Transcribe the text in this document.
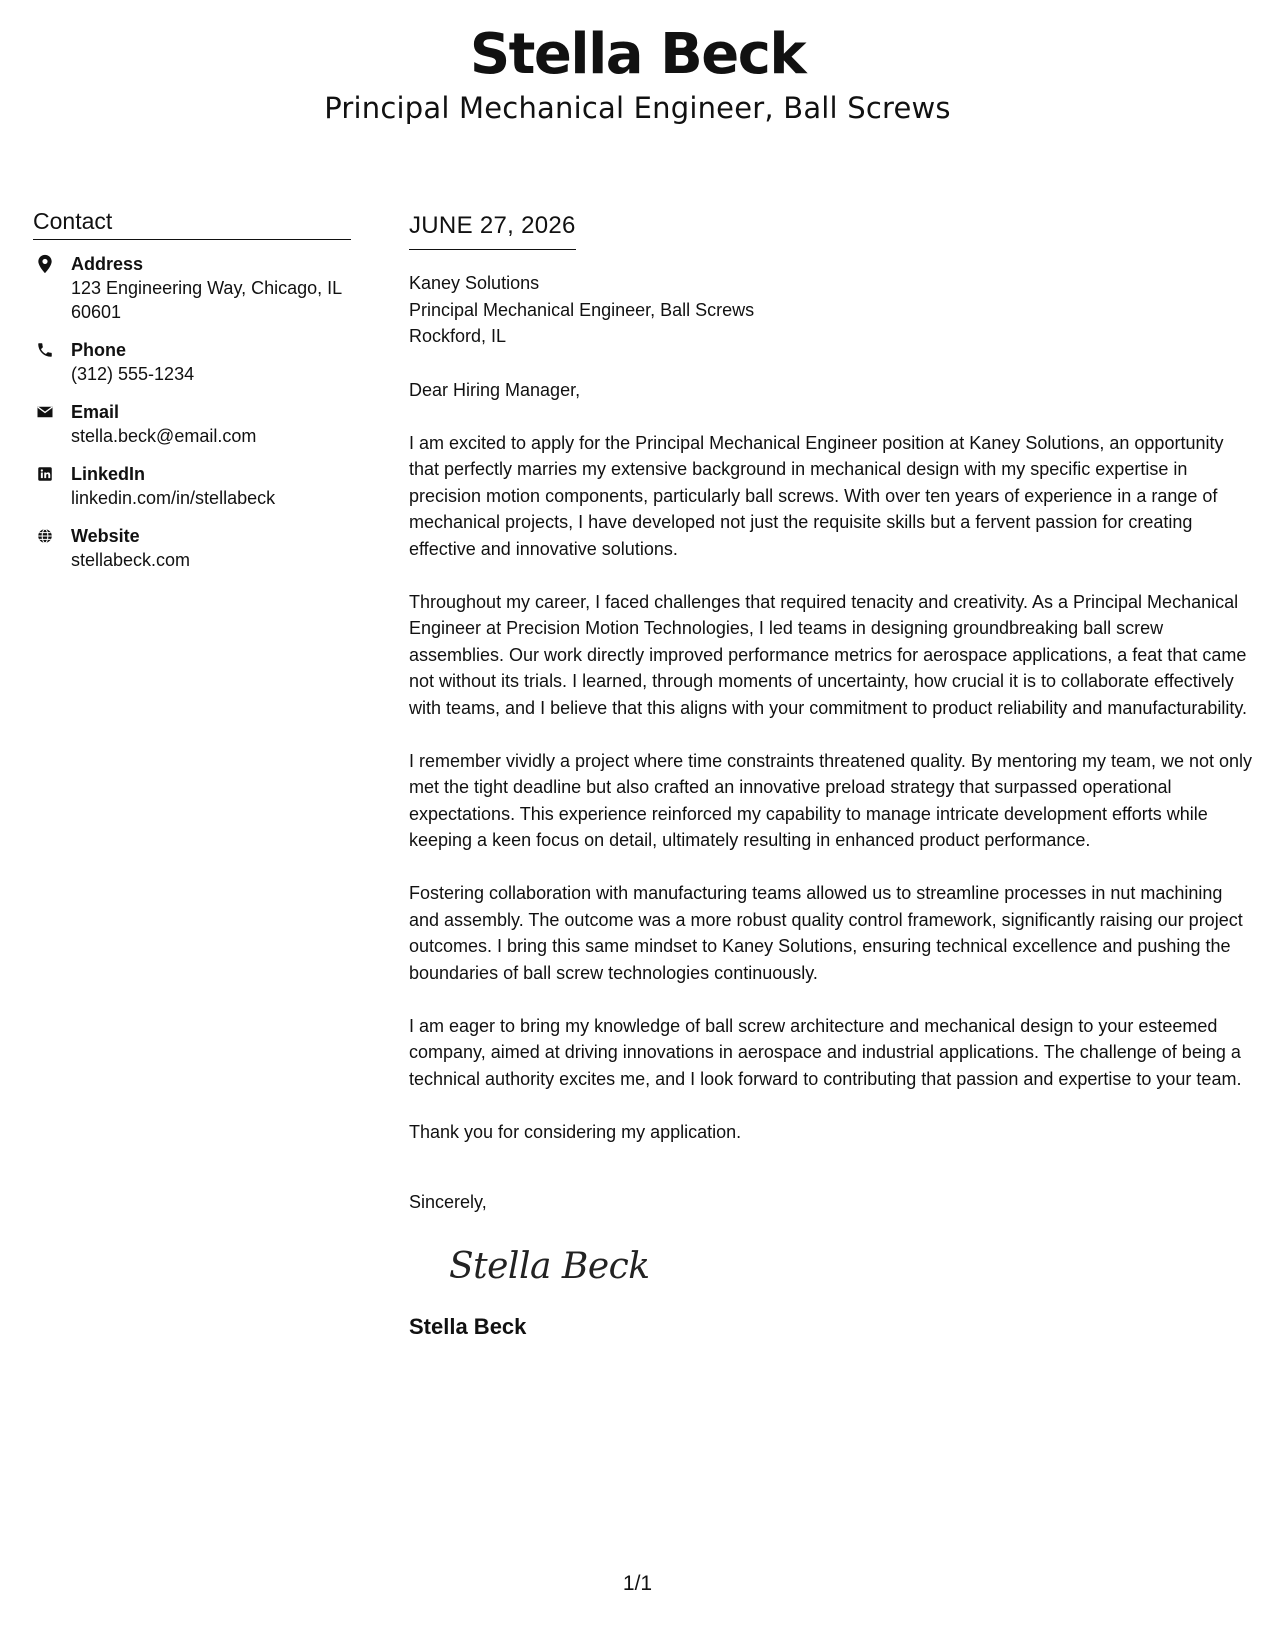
Stella Beck
Principal Mechanical Engineer, Ball Screws
Contact
Address
123 Engineering Way, Chicago, IL 60601
Phone
(312) 555-1234
Email
stella.beck@email.com
LinkedIn
linkedin.com/in/stellabeck
Website
stellabeck.com
JUNE 27, 2026
Kaney Solutions
Principal Mechanical Engineer, Ball Screws
Rockford, IL

Dear Hiring Manager,

I am excited to apply for the Principal Mechanical Engineer position at Kaney Solutions, an opportunity that perfectly marries my extensive background in mechanical design with my specific expertise in precision motion components, particularly ball screws. With over ten years of experience in a range of mechanical projects, I have developed not just the requisite skills but a fervent passion for creating effective and innovative solutions.

Throughout my career, I faced challenges that required tenacity and creativity. As a Principal Mechanical Engineer at Precision Motion Technologies, I led teams in designing groundbreaking ball screw assemblies. Our work directly improved performance metrics for aerospace applications, a feat that came not without its trials. I learned, through moments of uncertainty, how crucial it is to collaborate effectively with teams, and I believe that this aligns with your commitment to product reliability and manufacturability.

I remember vividly a project where time constraints threatened quality. By mentoring my team, we not only met the tight deadline but also crafted an innovative preload strategy that surpassed operational expectations. This experience reinforced my capability to manage intricate development efforts while keeping a keen focus on detail, ultimately resulting in enhanced product performance.

Fostering collaboration with manufacturing teams allowed us to streamline processes in nut machining and assembly. The outcome was a more robust quality control framework, significantly raising our project outcomes. I bring this same mindset to Kaney Solutions, ensuring technical excellence and pushing the boundaries of ball screw technologies continuously.

I am eager to bring my knowledge of ball screw architecture and mechanical design to your esteemed company, aimed at driving innovations in aerospace and industrial applications. The challenge of being a technical authority excites me, and I look forward to contributing that passion and expertise to your team.

Thank you for considering my application.

Sincerely,
Stella Beck
Stella Beck
1/1
